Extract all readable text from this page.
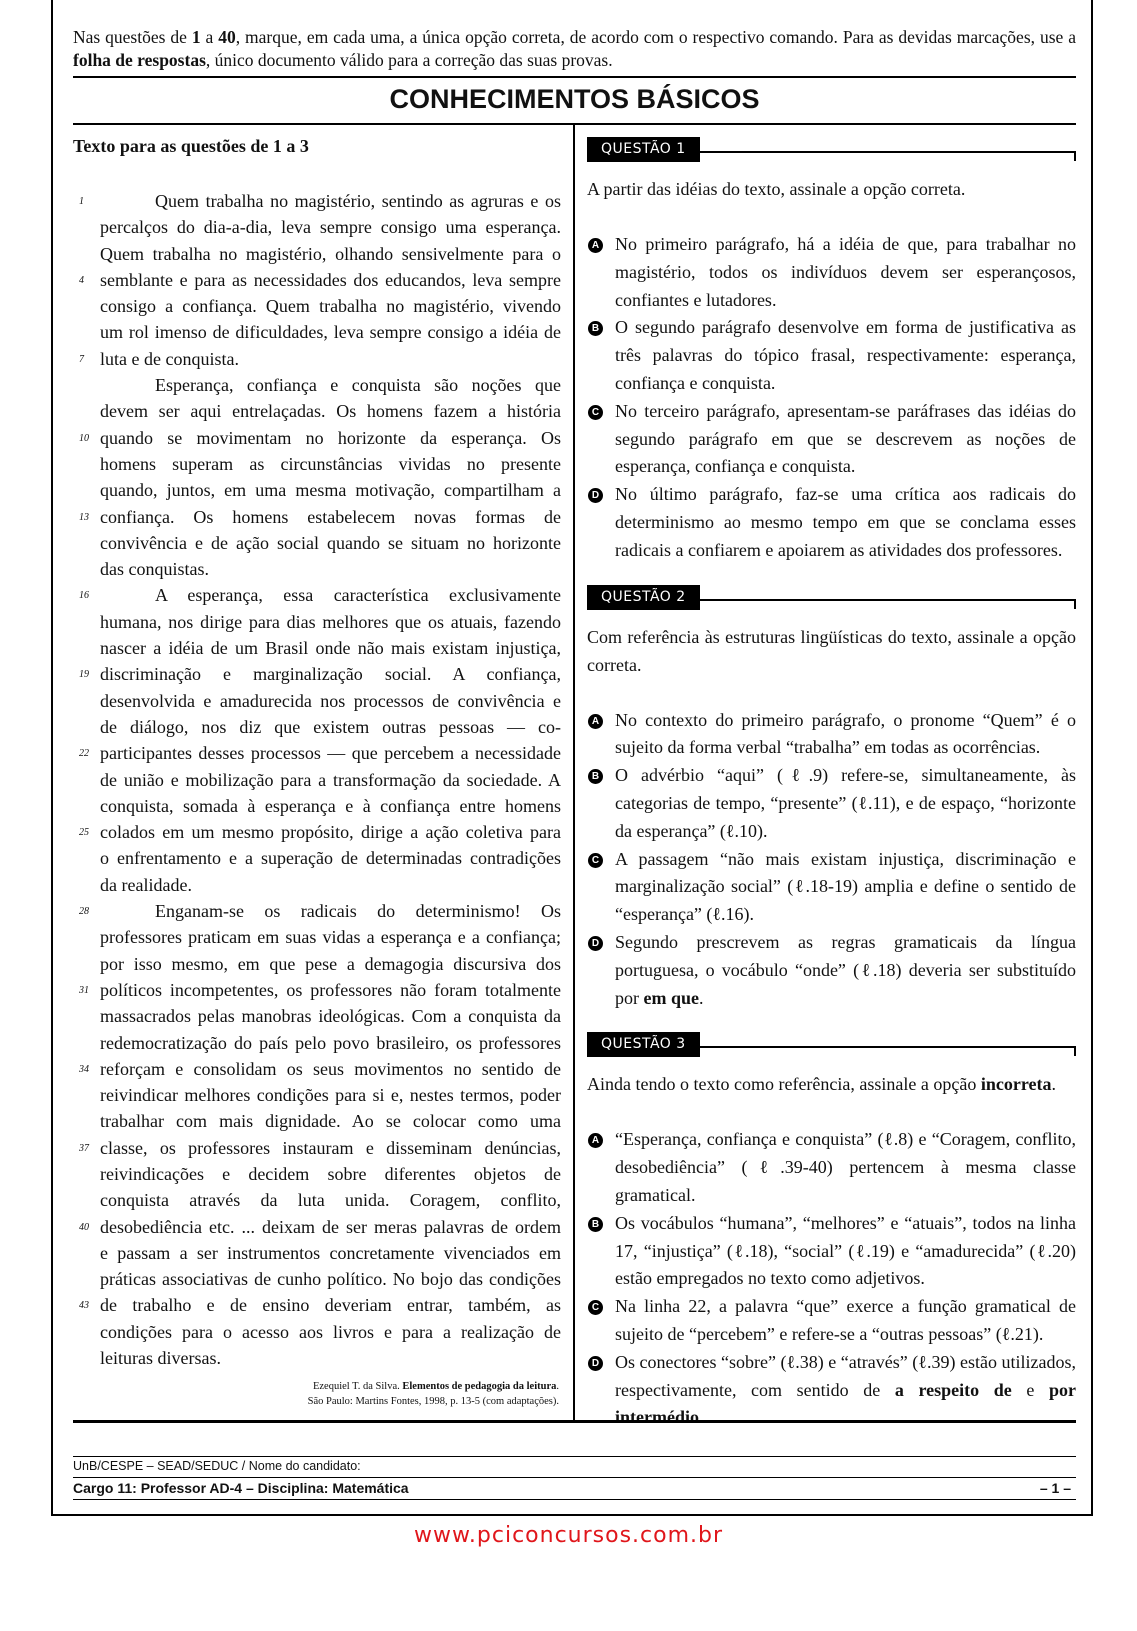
Nas questões de 1 a 40, marque, em cada uma, a única opção correta, de acordo com o respectivo comando. Para as devidas marcações, use a folha de respostas, único documento válido para a correção das suas provas.
CONHECIMENTOS BÁSICOS
Texto para as questões de 1 a 3
1	Quem trabalha no magistério, sentindo as agruras e os
percalços do dia-a-dia, leva sempre consigo uma esperança.
Quem trabalha no magistério, olhando sensivelmente para o
4 semblante e para as necessidades dos educandos, leva sempre
consigo a confiança. Quem trabalha no magistério, vivendo
um rol imenso de dificuldades, leva sempre consigo a idéia de
7 luta e de conquista.
Esperança, confiança e conquista são noções que
devem ser aqui entrelaçadas. Os homens fazem a história
10 quando se movimentam no horizonte da esperança. Os
homens superam as circunstâncias vividas no presente
quando, juntos, em uma mesma motivação, compartilham a
13 confiança. Os homens estabelecem novas formas de
convivência e de ação social quando se situam no horizonte
das conquistas.
16	A esperança, essa característica exclusivamente
humana, nos dirige para dias melhores que os atuais, fazendo
nascer a idéia de um Brasil onde não mais existam injustiça,
19 discriminação e marginalização social. A confiança,
desenvolvida e amadurecida nos processos de convivência e
de diálogo, nos diz que existem outras pessoas — co-
22 participantes desses processos — que percebem a necessidade
de união e mobilização para a transformação da sociedade. A
conquista, somada à esperança e à confiança entre homens
25 colados em um mesmo propósito, dirige a ação coletiva para
o enfrentamento e a superação de determinadas contradições
da realidade.
28	Enganam-se os radicais do determinismo! Os
professores praticam em suas vidas a esperança e a confiança;
por isso mesmo, em que pese a demagogia discursiva dos
31 políticos incompetentes, os professores não foram totalmente
massacrados pelas manobras ideológicas. Com a conquista da
redemocratização do país pelo povo brasileiro, os professores
34 reforçam e consolidam os seus movimentos no sentido de
reivindicar melhores condições para si e, nestes termos, poder
trabalhar com mais dignidade. Ao se colocar como uma
37 classe, os professores instauram e disseminam denúncias,
reivindicações e decidem sobre diferentes objetos de
conquista através da luta unida. Coragem, conflito,
40 desobediência etc. ... deixam de ser meras palavras de ordem
e passam a ser instrumentos concretamente vivenciados em
práticas associativas de cunho político. No bojo das condições
43 de trabalho e de ensino deveriam entrar, também, as
condições para o acesso aos livros e para a realização de
leituras diversas.
Ezequiel T. da Silva. Elementos de pedagogia da leitura.
São Paulo: Martins Fontes, 1998, p. 13-5 (com adaptações).
QUESTÃO 1
A partir das idéias do texto, assinale a opção correta.
A No primeiro parágrafo, há a idéia de que, para trabalhar no magistério, todos os indivíduos devem ser esperançosos, confiantes e lutadores.
B O segundo parágrafo desenvolve em forma de justificativa as três palavras do tópico frasal, respectivamente: esperança, confiança e conquista.
C No terceiro parágrafo, apresentam-se paráfrases das idéias do segundo parágrafo em que se descrevem as noções de esperança, confiança e conquista.
D No último parágrafo, faz-se uma crítica aos radicais do determinismo ao mesmo tempo em que se conclama esses radicais a confiarem e apoiarem as atividades dos professores.
QUESTÃO 2
Com referência às estruturas lingüísticas do texto, assinale a opção correta.
A No contexto do primeiro parágrafo, o pronome “Quem” é o sujeito da forma verbal “trabalha” em todas as ocorrências.
B O advérbio “aqui” (ℓ.9) refere-se, simultaneamente, às categorias de tempo, “presente” (ℓ.11), e de espaço, “horizonte da esperança” (ℓ.10).
C A passagem “não mais existam injustiça, discriminação e marginalização social” (ℓ.18-19) amplia e define o sentido de “esperança” (ℓ.16).
D Segundo prescrevem as regras gramaticais da língua portuguesa, o vocábulo “onde” (ℓ.18) deveria ser substituído por em que.
QUESTÃO 3
Ainda tendo o texto como referência, assinale a opção incorreta.
A “Esperança, confiança e conquista” (ℓ.8) e “Coragem, conflito, desobediência” (ℓ.39-40) pertencem à mesma classe gramatical.
B Os vocábulos “humana”, “melhores” e “atuais”, todos na linha 17, “injustiça” (ℓ.18), “social” (ℓ.19) e “amadurecida” (ℓ.20) estão empregados no texto como adjetivos.
C Na linha 22, a palavra “que” exerce a função gramatical de sujeito de “percebem” e refere-se a “outras pessoas” (ℓ.21).
D Os conectores “sobre” (ℓ.38) e “através” (ℓ.39) estão utilizados, respectivamente, com sentido de a respeito de e por intermédio.
UnB/CESPE – SEAD/SEDUC / Nome do candidato:
Cargo 11: Professor AD-4 – Disciplina: Matemática	– 1 –
www.pciconcursos.com.br
